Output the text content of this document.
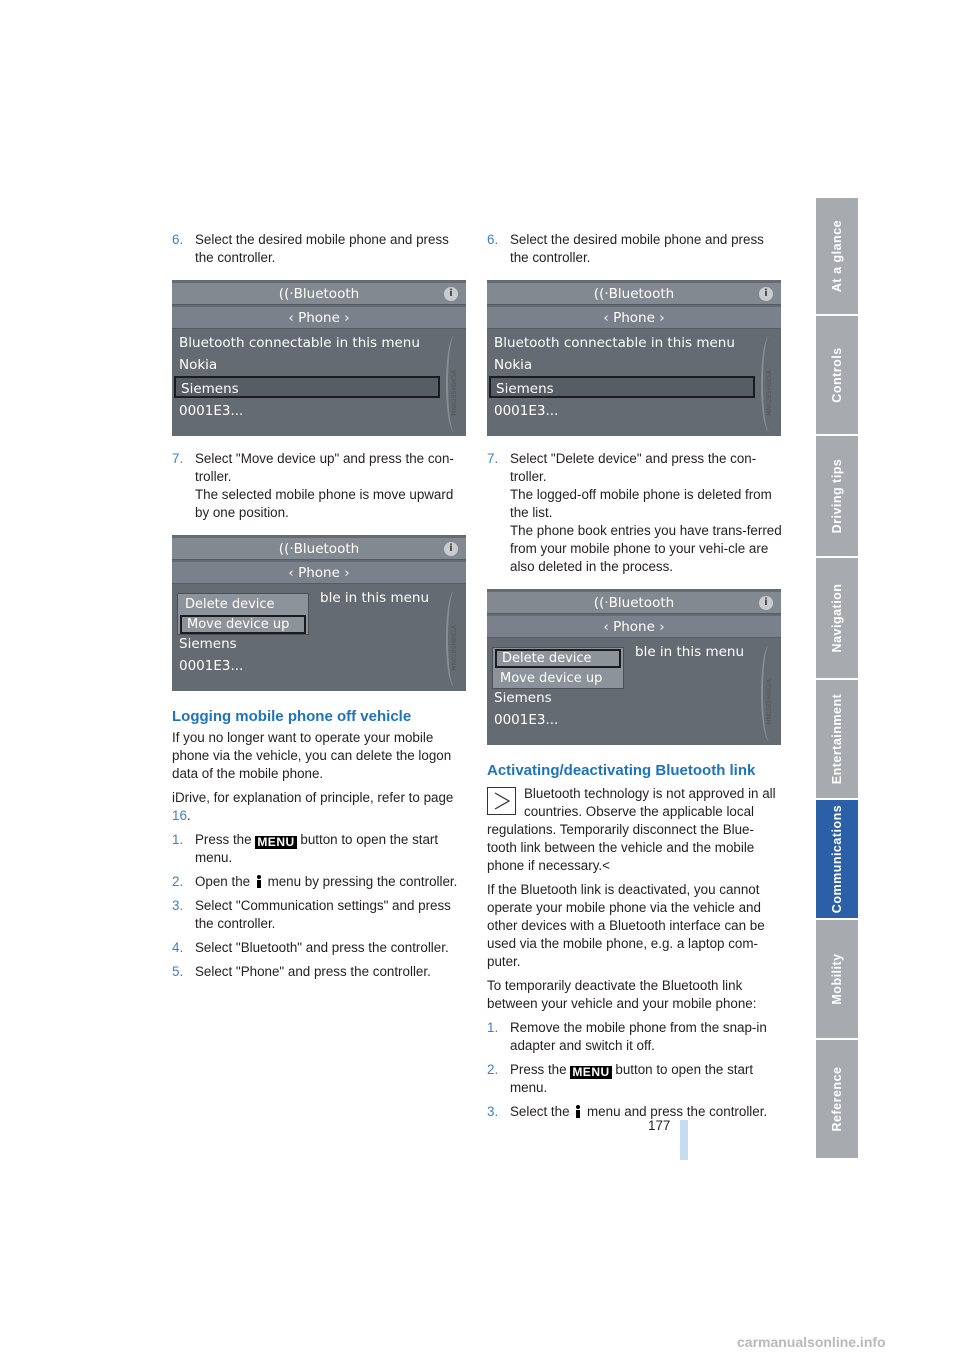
6. Select the desired mobile phone and press the controller.
((·Bluetooth	i
‹ Phone ›
Bluetooth connectable in this menu
Nokia
Siemens
0001E3...	MN02B5HBK5A
7. Select "Move device up" and press the con-troller.
The selected mobile phone is move upward by one position.
((·Bluetooth	i
‹ Phone ›
ble in this menu
Delete device
Move device up
Siemens
0001E3...	MN02B5HBK1A
Logging mobile phone off vehicle

If you no longer want to operate your mobile phone via the vehicle, you can delete the logon data of the mobile phone.

iDrive, for explanation of principle, refer to page 16.

1. Press the MENU button to open the start menu.
2. Open the menu by pressing the controller.
3. Select "Communication settings" and press the controller.
4. Select "Bluetooth" and press the controller.
5. Select "Phone" and press the controller.
6. Select the desired mobile phone and press the controller.
((·Bluetooth	i
‹ Phone ›
Bluetooth connectable in this menu
Nokia
Siemens
0001E3...	MN02B5HBK5A
7. Select "Delete device" and press the con-troller.
The logged-off mobile phone is deleted from the list.
The phone book entries you have trans-ferred from your mobile phone to your vehi-cle are also deleted in the process.
((·Bluetooth	i
‹ Phone ›
ble in this menu
Delete device
Move device up
Siemens
0001E3...	MN02B5HBK2A
Activating/deactivating Bluetooth link

Bluetooth technology is not approved in all countries. Observe the applicable local regulations. Temporarily disconnect the Blue-tooth link between the vehicle and the mobile phone if necessary.<

If the Bluetooth link is deactivated, you cannot operate your mobile phone via the vehicle and other devices with a Bluetooth interface can be used via the mobile phone, e.g. a laptop com-puter.

To temporarily deactivate the Bluetooth link between your vehicle and your mobile phone:

1. Remove the mobile phone from the snap-in adapter and switch it off.
2. Press the MENU button to open the start menu.
3. Select the menu and press the controller.
At a glance
Controls
Driving tips
Navigation
Entertainment
Communications
Mobility
Reference
177
carmanualsonline.info
